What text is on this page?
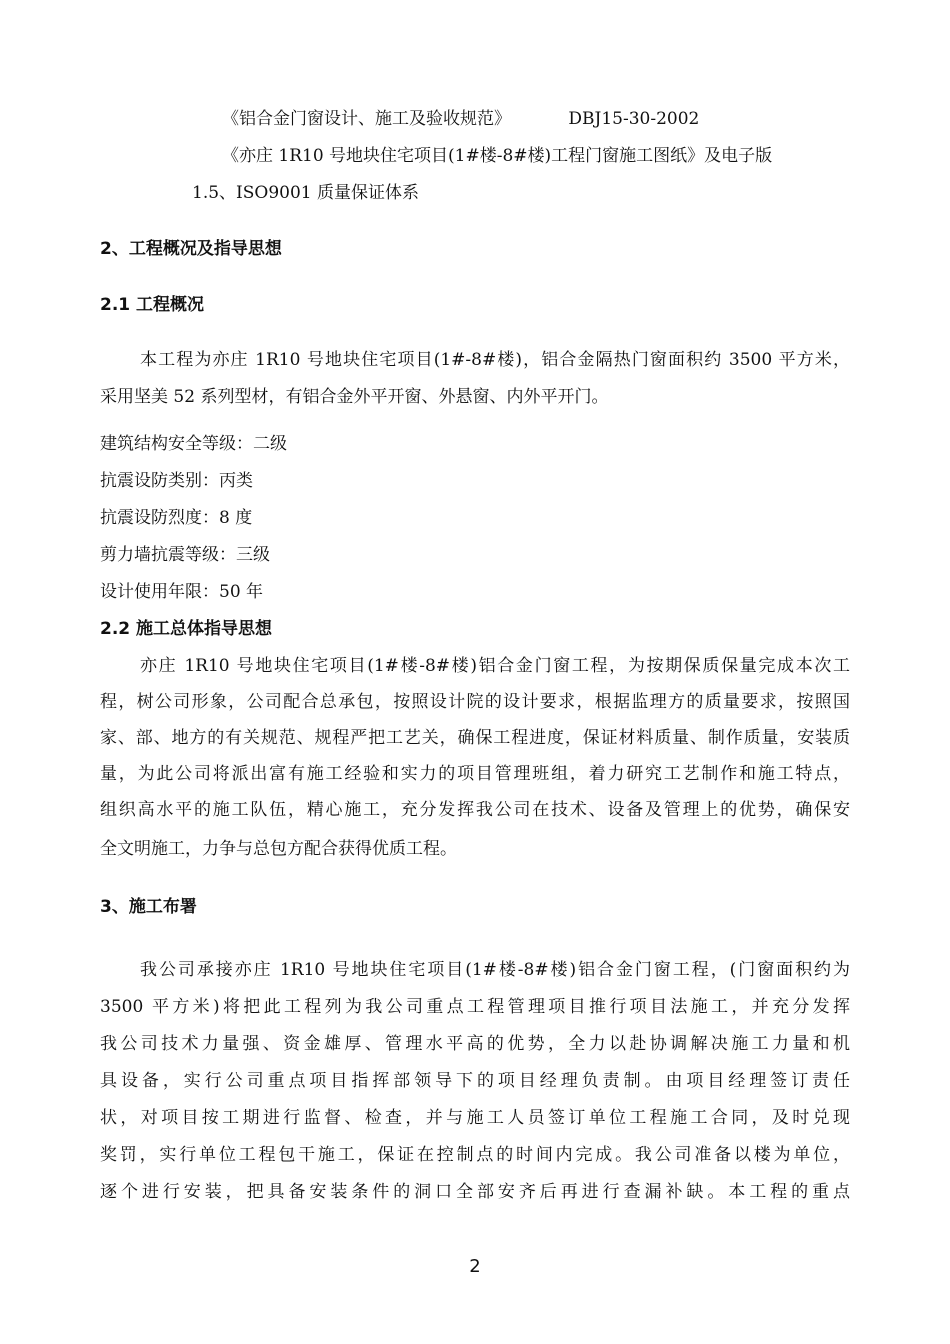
《铝合金门窗设计、施工及验收规范》	DBJ15-30-2002
《亦庄 1R10 号地块住宅项目(1#楼-8#楼)工程门窗施工图纸》及电子版
1.5、ISO9001 质量保证体系
2、工程概况及指导思想
2.1 工程概况
本工程为亦庄 1R10 号地块住宅项目(1#-8#楼)，铝合金隔热门窗面积约 3500 平方米，
采用坚美 52 系列型材，有铝合金外平开窗、外悬窗、内外平开门。
建筑结构安全等级：二级
抗震设防类别：丙类
抗震设防烈度：8 度
剪力墙抗震等级：三级
设计使用年限：50 年
2.2 施工总体指导思想
亦庄 1R10 号地块住宅项目(1#楼-8#楼)铝合金门窗工程，为按期保质保量完成本次工
程，树公司形象，公司配合总承包，按照设计院的设计要求，根据监理方的质量要求，按照国
家、部、地方的有关规范、规程严把工艺关，确保工程进度，保证材料质量、制作质量，安装质
量，为此公司将派出富有施工经验和实力的项目管理班组，着力研究工艺制作和施工特点，
组织高水平的施工队伍，精心施工，充分发挥我公司在技术、设备及管理上的优势，确保安
全文明施工，力争与总包方配合获得优质工程。
3、施工布署
我公司承接亦庄 1R10 号地块住宅项目(1#楼-8#楼)铝合金门窗工程，(门窗面积约为
3500 平方米)将把此工程列为我公司重点工程管理项目推行项目法施工，并充分发挥
我公司技术力量强、资金雄厚、管理水平高的优势，全力以赴协调解决施工力量和机
具设备，实行公司重点项目指挥部领导下的项目经理负责制。由项目经理签订责任
状，对项目按工期进行监督、检查，并与施工人员签订单位工程施工合同，及时兑现
奖罚，实行单位工程包干施工，保证在控制点的时间内完成。我公司准备以楼为单位，
逐个进行安装，把具备安装条件的洞口全部安齐后再进行查漏补缺。本工程的重点
2
